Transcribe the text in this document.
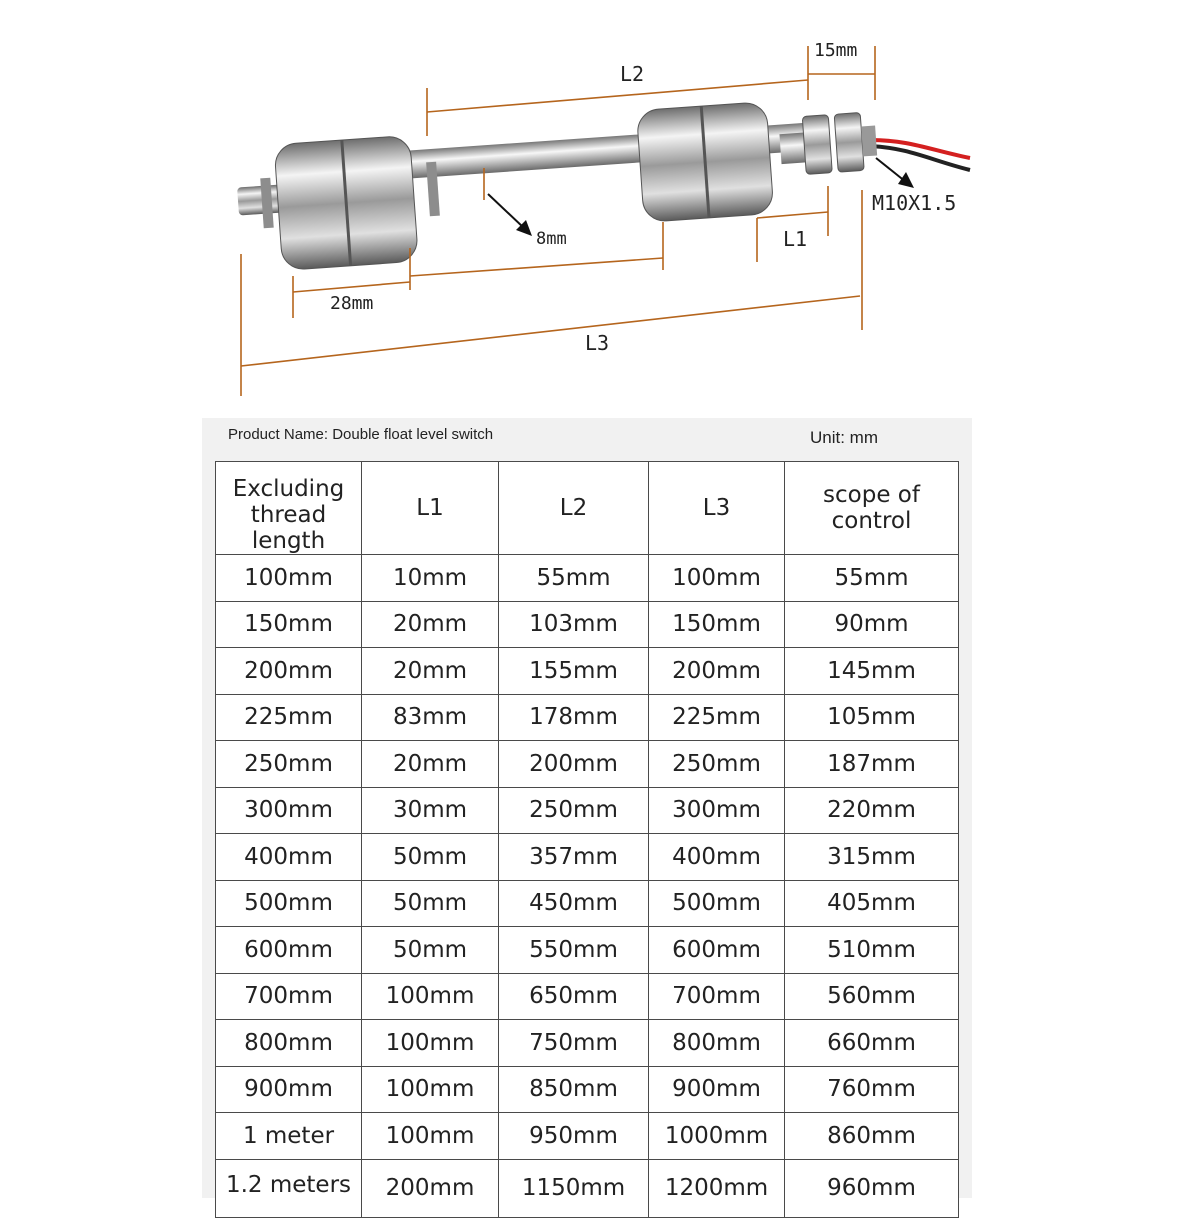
L2
15mm
M10X1.5
8mm	L1
28mm
L3
Product Name: Double float level switch	Unit: mm
Excluding thread length	L1	L2	L3	scope of control
100mm	10mm	55mm	100mm	55mm
150mm	20mm	103mm	150mm	90mm
200mm	20mm	155mm	200mm	145mm
225mm	83mm	178mm	225mm	105mm
250mm	20mm	200mm	250mm	187mm
300mm	30mm	250mm	300mm	220mm
400mm	50mm	357mm	400mm	315mm
500mm	50mm	450mm	500mm	405mm
600mm	50mm	550mm	600mm	510mm
700mm	100mm	650mm	700mm	560mm
800mm	100mm	750mm	800mm	660mm
900mm	100mm	850mm	900mm	760mm
1 meter	100mm	950mm	1000mm	860mm
1.2 meters	200mm	1150mm	1200mm	960mm
